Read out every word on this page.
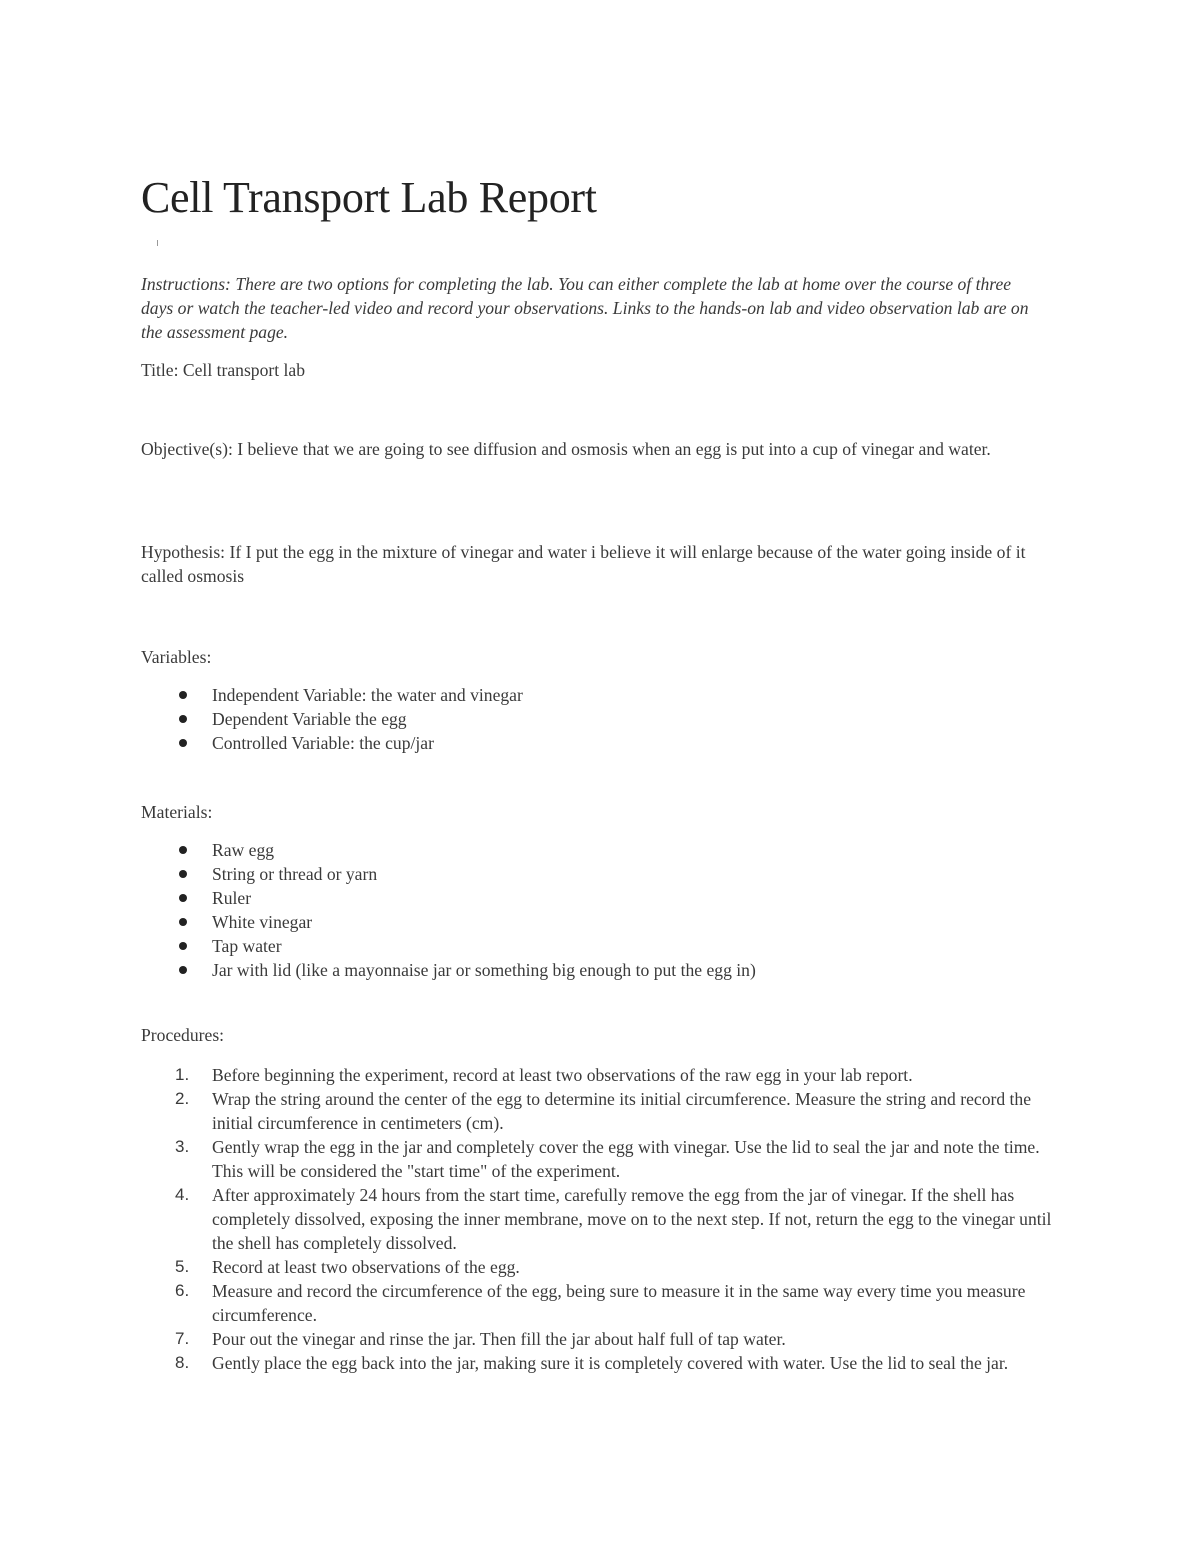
Cell Transport Lab Report
Instructions: There are two options for completing the lab. You can either complete the lab at home over the course of three days or watch the teacher-led video and record your observations. Links to the hands-on lab and video observation lab are on the assessment page.
Title: Cell transport lab
Objective(s): I believe that we are going to see diffusion and osmosis when an egg is put into a cup of vinegar and water.
Hypothesis: If I put the egg in the mixture of vinegar and water i believe it will enlarge because of the water going inside of it called osmosis
Variables:
Independent Variable: the water and vinegar
Dependent Variable the egg
Controlled Variable: the cup/jar
Materials:
Raw egg
String or thread or yarn
Ruler
White vinegar
Tap water
Jar with lid (like a mayonnaise jar or something big enough to put the egg in)
Procedures:
1.	Before beginning the experiment, record at least two observations of the raw egg in your lab report.
2.	Wrap the string around the center of the egg to determine its initial circumference. Measure the string and record the initial circumference in centimeters (cm).
3.	Gently wrap the egg in the jar and completely cover the egg with vinegar. Use the lid to seal the jar and note the time. This will be considered the "start time" of the experiment.
4.	After approximately 24 hours from the start time, carefully remove the egg from the jar of vinegar. If the shell has completely dissolved, exposing the inner membrane, move on to the next step. If not, return the egg to the vinegar until the shell has completely dissolved.
5.	Record at least two observations of the egg.
6.	Measure and record the circumference of the egg, being sure to measure it in the same way every time you measure circumference.
7.	Pour out the vinegar and rinse the jar. Then fill the jar about half full of tap water.
8.	Gently place the egg back into the jar, making sure it is completely covered with water. Use the lid to seal the jar.
